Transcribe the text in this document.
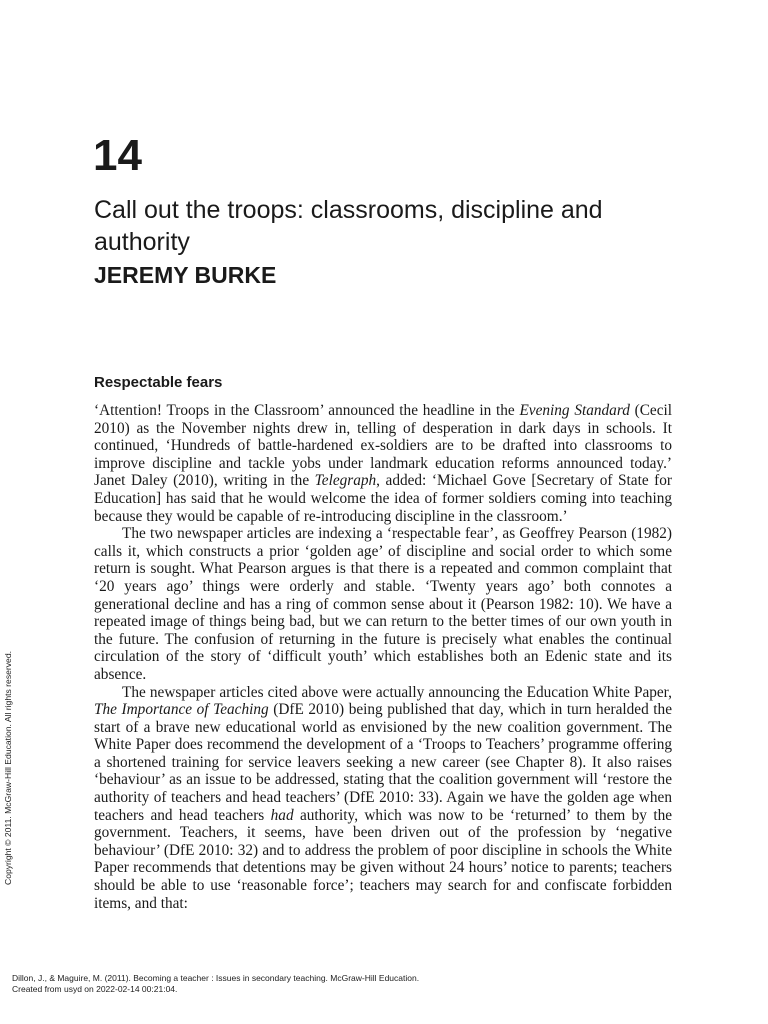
14
Call out the troops: classrooms, discipline and authority
JEREMY BURKE
Respectable fears

‘Attention! Troops in the Classroom’ announced the headline in the Evening Standard (Cecil 2010) as the November nights drew in, telling of desperation in dark days in schools. It continued, ‘Hundreds of battle-hardened ex-soldiers are to be drafted into classrooms to improve discipline and tackle yobs under landmark education reforms announced today.’ Janet Daley (2010), writing in the Telegraph, added: ‘Michael Gove [Secretary of State for Education] has said that he would welcome the idea of former soldiers coming into teaching because they would be capable of re-introducing discipline in the classroom.’

The two newspaper articles are indexing a ‘respectable fear’, as Geoffrey Pearson (1982) calls it, which constructs a prior ‘golden age’ of discipline and social order to which some return is sought. What Pearson argues is that there is a repeated and common complaint that ‘20 years ago’ things were orderly and stable. ‘Twenty years ago’ both connotes a generational decline and has a ring of common sense about it (Pearson 1982: 10). We have a repeated image of things being bad, but we can return to the better times of our own youth in the future. The confusion of returning in the future is precisely what enables the continual circulation of the story of ‘difficult youth’ which establishes both an Edenic state and its absence.

The newspaper articles cited above were actually announcing the Education White Paper, The Importance of Teaching (DfE 2010) being published that day, which in turn heralded the start of a brave new educational world as envisioned by the new coalition government. The White Paper does recommend the development of a ‘Troops to Teachers’ programme offering a shortened training for service leavers seeking a new career (see Chapter 8). It also raises ‘behaviour’ as an issue to be addressed, stating that the coalition government will ‘restore the authority of teachers and head teachers’ (DfE 2010: 33). Again we have the golden age when teachers and head teachers had authority, which was now to be ‘returned’ to them by the government. Teachers, it seems, have been driven out of the profession by ‘negative behaviour’ (DfE 2010: 32) and to address the problem of poor discipline in schools the White Paper recommends that detentions may be given without 24 hours’ notice to parents; teachers should be able to use ‘reasonable force’; teachers may search for and confiscate forbidden items, and that:

Copyright © 2011. McGraw-Hill Education. All rights reserved.
Dillon, J., & Maguire, M. (2011). Becoming a teacher : Issues in secondary teaching. McGraw-Hill Education.
Created from usyd on 2022-02-14 00:21:04.
